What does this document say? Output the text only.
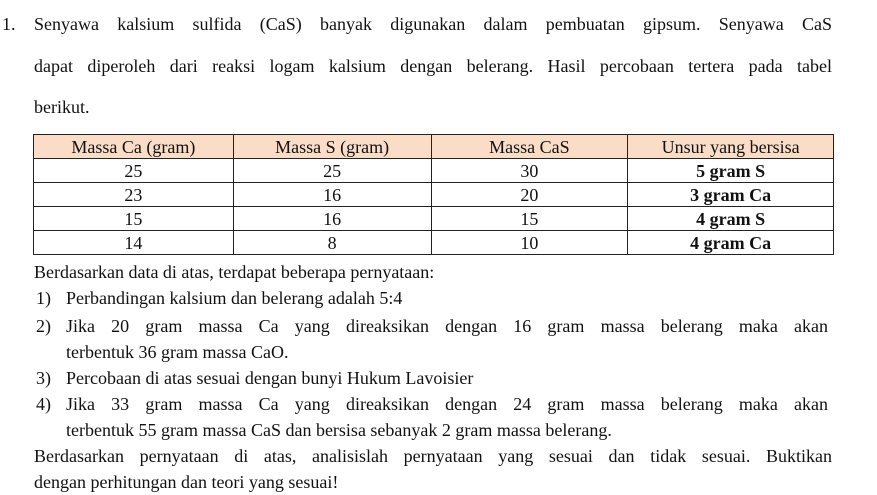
1. Senyawa kalsium sulfida (CaS) banyak digunakan dalam pembuatan gipsum. Senyawa CaS
dapat diperoleh dari reaksi logam kalsium dengan belerang. Hasil percobaan tertera pada tabel
berikut.
Massa Ca (gram)	Massa S (gram)	Massa CaS	Unsur yang bersisa
25	25	30	5 gram S
23	16	20	3 gram Ca
15	16	15	4 gram S
14	8	10	4 gram Ca
Berdasarkan data di atas, terdapat beberapa pernyataan:
1) Perbandingan kalsium dan belerang adalah 5:4
2) Jika 20 gram massa Ca yang direaksikan dengan 16 gram massa belerang maka akan
terbentuk 36 gram massa CaO.
3) Percobaan di atas sesuai dengan bunyi Hukum Lavoisier
4) Jika 33 gram massa Ca yang direaksikan dengan 24 gram massa belerang maka akan
terbentuk 55 gram massa CaS dan bersisa sebanyak 2 gram massa belerang.
Berdasarkan pernyataan di atas, analisislah pernyataan yang sesuai dan tidak sesuai. Buktikan
dengan perhitungan dan teori yang sesuai!
